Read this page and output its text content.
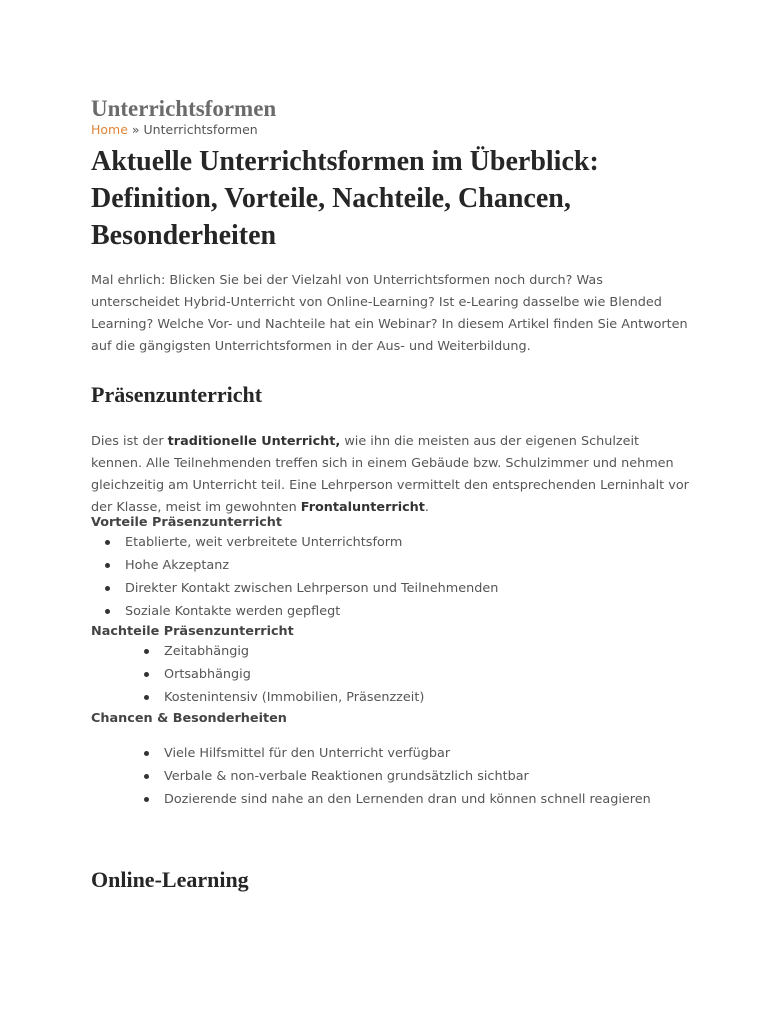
Unterrichtsformen
Home » Unterrichtsformen
Aktuelle Unterrichtsformen im Überblick: Definition, Vorteile, Nachteile, Chancen, Besonderheiten

Mal ehrlich: Blicken Sie bei der Vielzahl von Unterrichtsformen noch durch? Was unterscheidet Hybrid-Unterricht von Online-Learning? Ist e-Learing dasselbe wie Blended Learning? Welche Vor- und Nachteile hat ein Webinar? In diesem Artikel finden Sie Antworten auf die gängigsten Unterrichtsformen in der Aus- und Weiterbildung.

Präsenzunterricht

Dies ist der traditionelle Unterricht, wie ihn die meisten aus der eigenen Schulzeit kennen. Alle Teilnehmenden treffen sich in einem Gebäude bzw. Schulzimmer und nehmen gleichzeitig am Unterricht teil. Eine Lehrperson vermittelt den entsprechenden Lerninhalt vor der Klasse, meist im gewohnten Frontalunterricht.

Vorteile Präsenzunterricht
Etablierte, weit verbreitete Unterrichtsform
Hohe Akzeptanz
Direkter Kontakt zwischen Lehrperson und Teilnehmenden
Soziale Kontakte werden gepflegt
Nachteile Präsenzunterricht
Zeitabhängig
Ortsabhängig
Kostenintensiv (Immobilien, Präsenzzeit)
Chancen & Besonderheiten
Viele Hilfsmittel für den Unterricht verfügbar
Verbale & non-verbale Reaktionen grundsätzlich sichtbar
Dozierende sind nahe an den Lernenden dran und können schnell reagieren
Online-Learning
